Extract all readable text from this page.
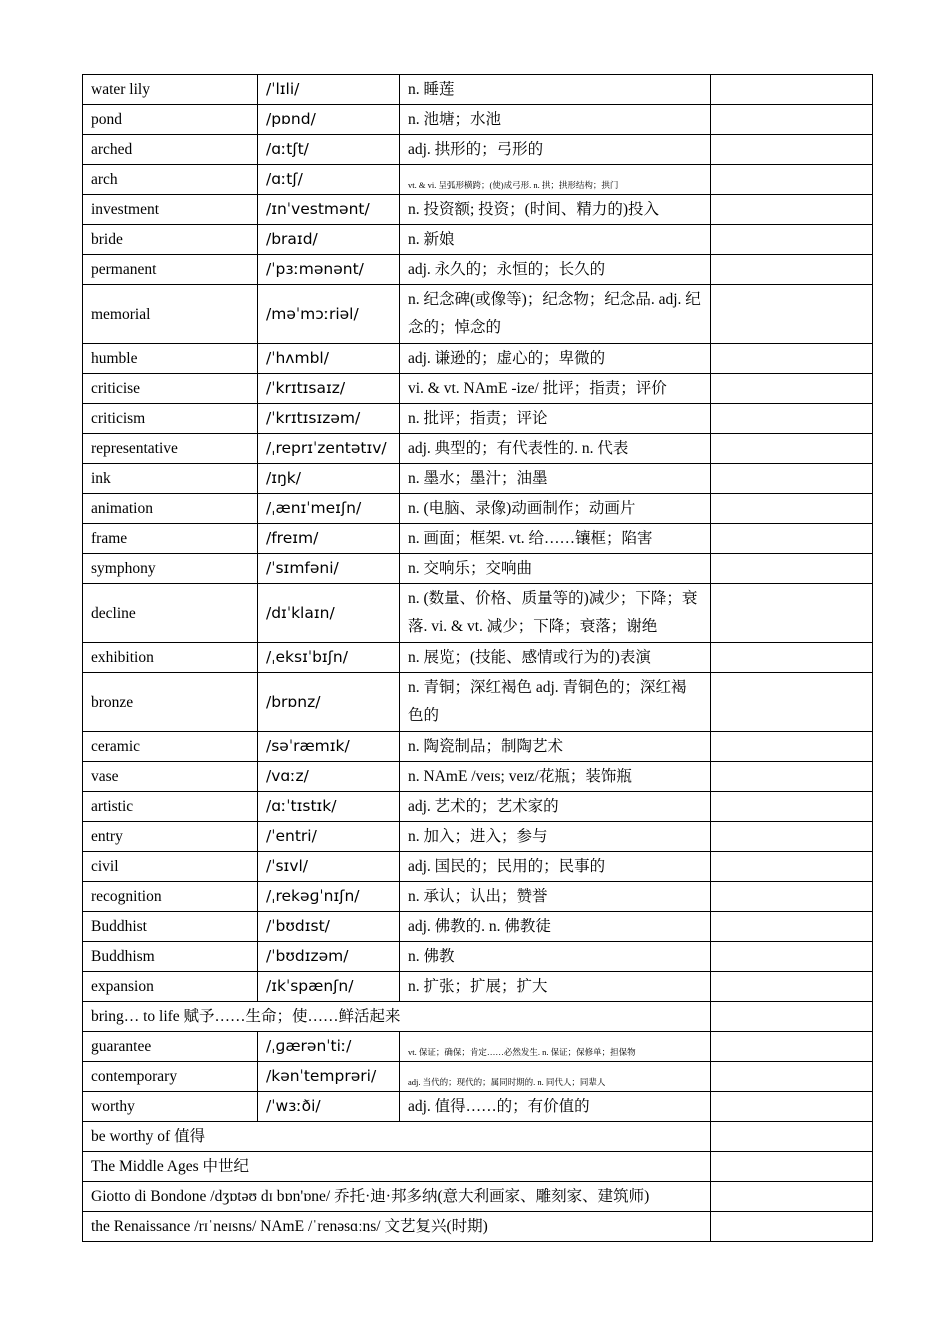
water lily	/ˈlɪli/	n. 睡莲	
pond	/pɒnd/	n. 池塘；水池	
arched	/ɑːtʃt/	adj. 拱形的；弓形的	
arch	/ɑːtʃ/	vt. & vi. 呈弧形横跨；(使)成弓形. n. 拱；拱形结构；拱门	
investment	/ɪnˈvestmənt/	n. 投资额; 投资；(时间、精力的)投入	
bride	/braɪd/	n. 新娘	
permanent	/ˈpɜːmənənt/	adj. 永久的；永恒的；长久的	
memorial	/məˈmɔːriəl/	n. 纪念碑(或像等)；纪念物；纪念品. adj. 纪念的；悼念的	
humble	/ˈhʌmbl/	adj. 谦逊的；虚心的；卑微的	
criticise	/ˈkrɪtɪsaɪz/	vi. & vt. NAmE -ize/ 批评；指责；评价	
criticism	/ˈkrɪtɪsɪzəm/	n. 批评；指责；评论	
representative	/ˌreprɪˈzentətɪv/	adj. 典型的；有代表性的. n. 代表	
ink	/ɪŋk/	n. 墨水；墨汁；油墨	
animation	/ˌænɪˈmeɪʃn/	n. (电脑、录像)动画制作；动画片	
frame	/freɪm/	n. 画面；框架. vt. 给……镶框；陷害	
symphony	/ˈsɪmfəni/	n. 交响乐；交响曲	
decline	/dɪˈklaɪn/	n. (数量、价格、质量等的)减少；下降；衰落. vi. & vt. 减少；下降；衰落；谢绝	
exhibition	/ˌeksɪˈbɪʃn/	n. 展览；(技能、感情或行为的)表演	
bronze	/brɒnz/	n. 青铜；深红褐色 adj. 青铜色的；深红褐色的	
ceramic	/səˈræmɪk/	n. 陶瓷制品；制陶艺术	
vase	/vɑːz/	n. NAmE /veɪs; veɪz/花瓶；装饰瓶	
artistic	/ɑːˈtɪstɪk/	adj. 艺术的；艺术家的	
entry	/ˈentri/	n. 加入；进入；参与	
civil	/ˈsɪvl/	adj. 国民的；民用的；民事的	
recognition	/ˌrekəɡˈnɪʃn/	n. 承认；认出；赞誉	
Buddhist	/ˈbʊdɪst/	adj. 佛教的. n. 佛教徒	
Buddhism	/ˈbʊdɪzəm/	n. 佛教	
expansion	/ɪkˈspænʃn/	n. 扩张；扩展；扩大	
bring… to life 赋予……生命；使……鲜活起来			
guarantee	/ˌɡærənˈtiː/	vt. 保证；确保；肯定……必然发生. n. 保证；保修单；担保物	
contemporary	/kənˈtemprəri/	adj. 当代的；现代的；属同时期的. n. 同代人；同辈人	
worthy	/ˈwɜːði/	adj. 值得……的；有价值的	
be worthy of 值得			
The Middle Ages 中世纪			
Giotto di Bondone /dʒɒtəʊ dɪ bɒn'ɒne/ 乔托·迪·邦多纳(意大利画家、雕刻家、建筑师)			
the Renaissance /rɪˈneɪsns/ NAmE /ˈrenəsɑːns/ 文艺复兴(时期)			
